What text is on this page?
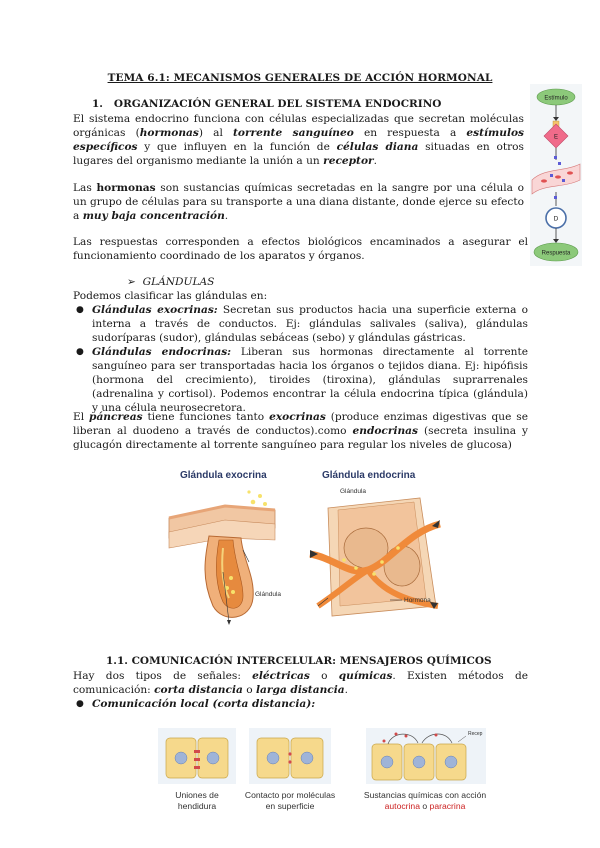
TEMA 6.1: MECANISMOS GENERALES DE ACCIÓN HORMONAL
Estímulo
E
D
Respuesta
1.   ORGANIZACIÓN GENERAL DEL SISTEMA ENDOCRINO
El sistema endocrino funciona con células especializadas que secretan moléculas orgánicas (hormonas) al torrente sanguíneo en respuesta a estímulos específicos y que influyen en la función de células diana situadas en otros lugares del organismo mediante la unión a un receptor.
Las hormonas son sustancias químicas secretadas en la sangre por una célula o un grupo de células para su transporte a una diana distante, donde ejerce su efecto a muy baja concentración.
Las respuestas corresponden a efectos biológicos encaminados a asegurar el funcionamiento coordinado de los aparatos y órganos.
➢ GLÁNDULAS
Podemos clasificar las glándulas en:
● Glándulas exocrinas: Secretan sus productos hacia una superficie externa o interna a través de conductos. Ej: glándulas salivales (saliva), glándulas sudoríparas (sudor), glándulas sebáceas (sebo) y glándulas gástricas.
● Glándulas endocrinas: Liberan sus hormonas directamente al torrente sanguíneo para ser transportadas hacia los órganos o tejidos diana. Ej: hipófisis (hormona del crecimiento), tiroides (tiroxina), glándulas suprarrenales (adrenalina y cortisol). Podemos encontrar la célula endocrina típica (glándula) y una célula neurosecretora.
El páncreas tiene funciones tanto exocrinas (produce enzimas digestivas que se liberan al duodeno a través de conductos).como endocrinas (secreta insulina y glucagón directamente al torrente sanguíneo para regular los niveles de glucosa)
Glándula exocrina	Glándula endocrina
Glándula
Glándula
Hormona
1.1. COMUNICACIÓN INTERCELULAR: MENSAJEROS QUÍMICOS
Hay dos tipos de señales: eléctricas o químicas. Existen métodos de comunicación: corta distancia o larga distancia.
● Comunicación local (corta distancia):
Uniones de
hendidura
Contacto por moléculas
en superficie
Recep
Sustancias químicas con acción
autocrina o paracrina
